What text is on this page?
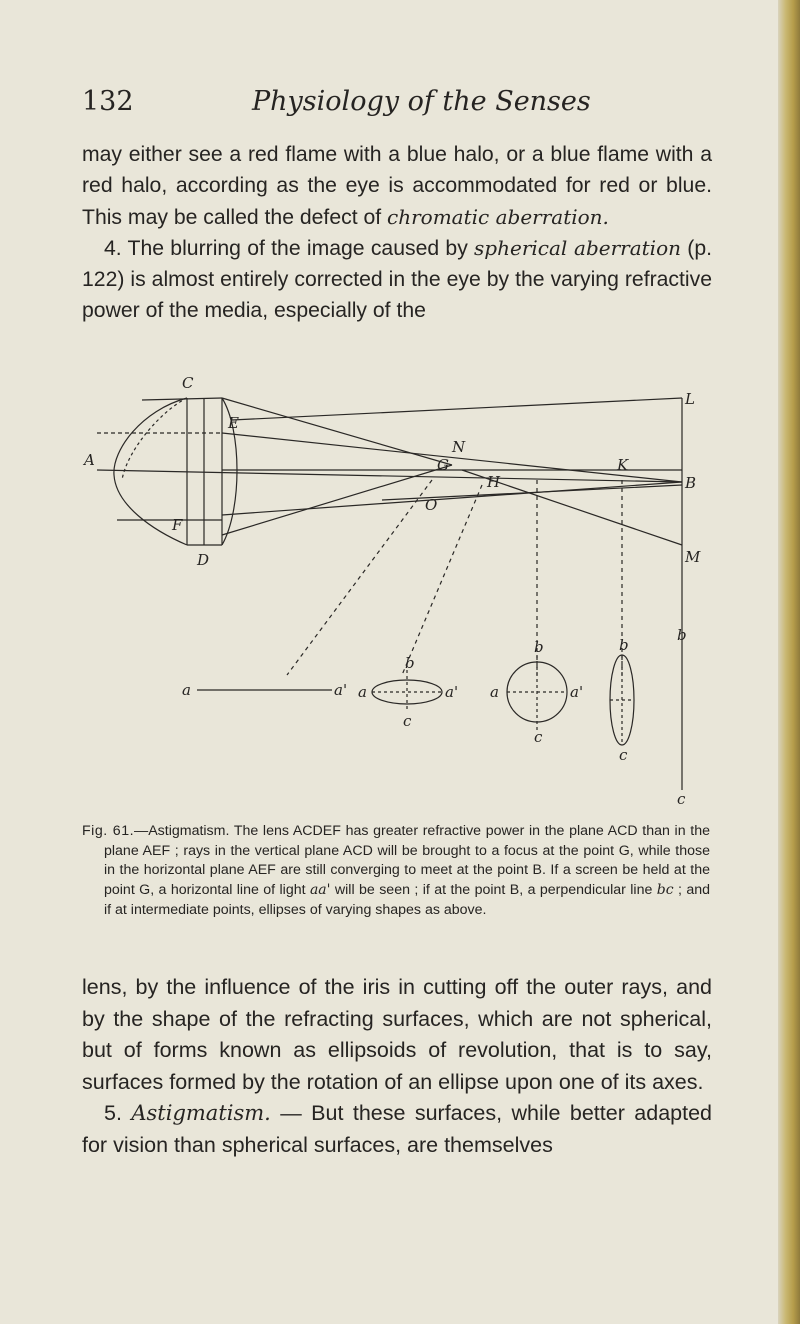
132	Physiology of the Senses

may either see a red flame with a blue halo, or a blue flame with a red halo, according as the eye is accommodated for red or blue. This may be called the defect of chromatic aberration.

4. The blurring of the image caused by spherical aberration (p. 122) is almost entirely corrected in the eye by the varying refractive power of the media, especially of the

C
E
L
A
N
G
H
K
B
F
O
D	M
a	a' a	a'
b
c
a	a'
b
c
b
c
b
c

Fig. 61.—Astigmatism. The lens ACDEF has greater refractive power in the plane ACD than in the plane AEF ; rays in the vertical plane ACD will be brought to a focus at the point G, while those in the horizontal plane AEF are still converging to meet at the point B. If a screen be held at the point G, a horizontal line of light aa' will be seen ; if at the point B, a perpendicular line bc ; and if at intermediate points, ellipses of varying shapes as above.

lens, by the influence of the iris in cutting off the outer rays, and by the shape of the refracting surfaces, which are not spherical, but of forms known as ellipsoids of revolution, that is to say, surfaces formed by the rotation of an ellipse upon one of its axes.

5. Astigmatism. — But these surfaces, while better adapted for vision than spherical surfaces, are themselves
